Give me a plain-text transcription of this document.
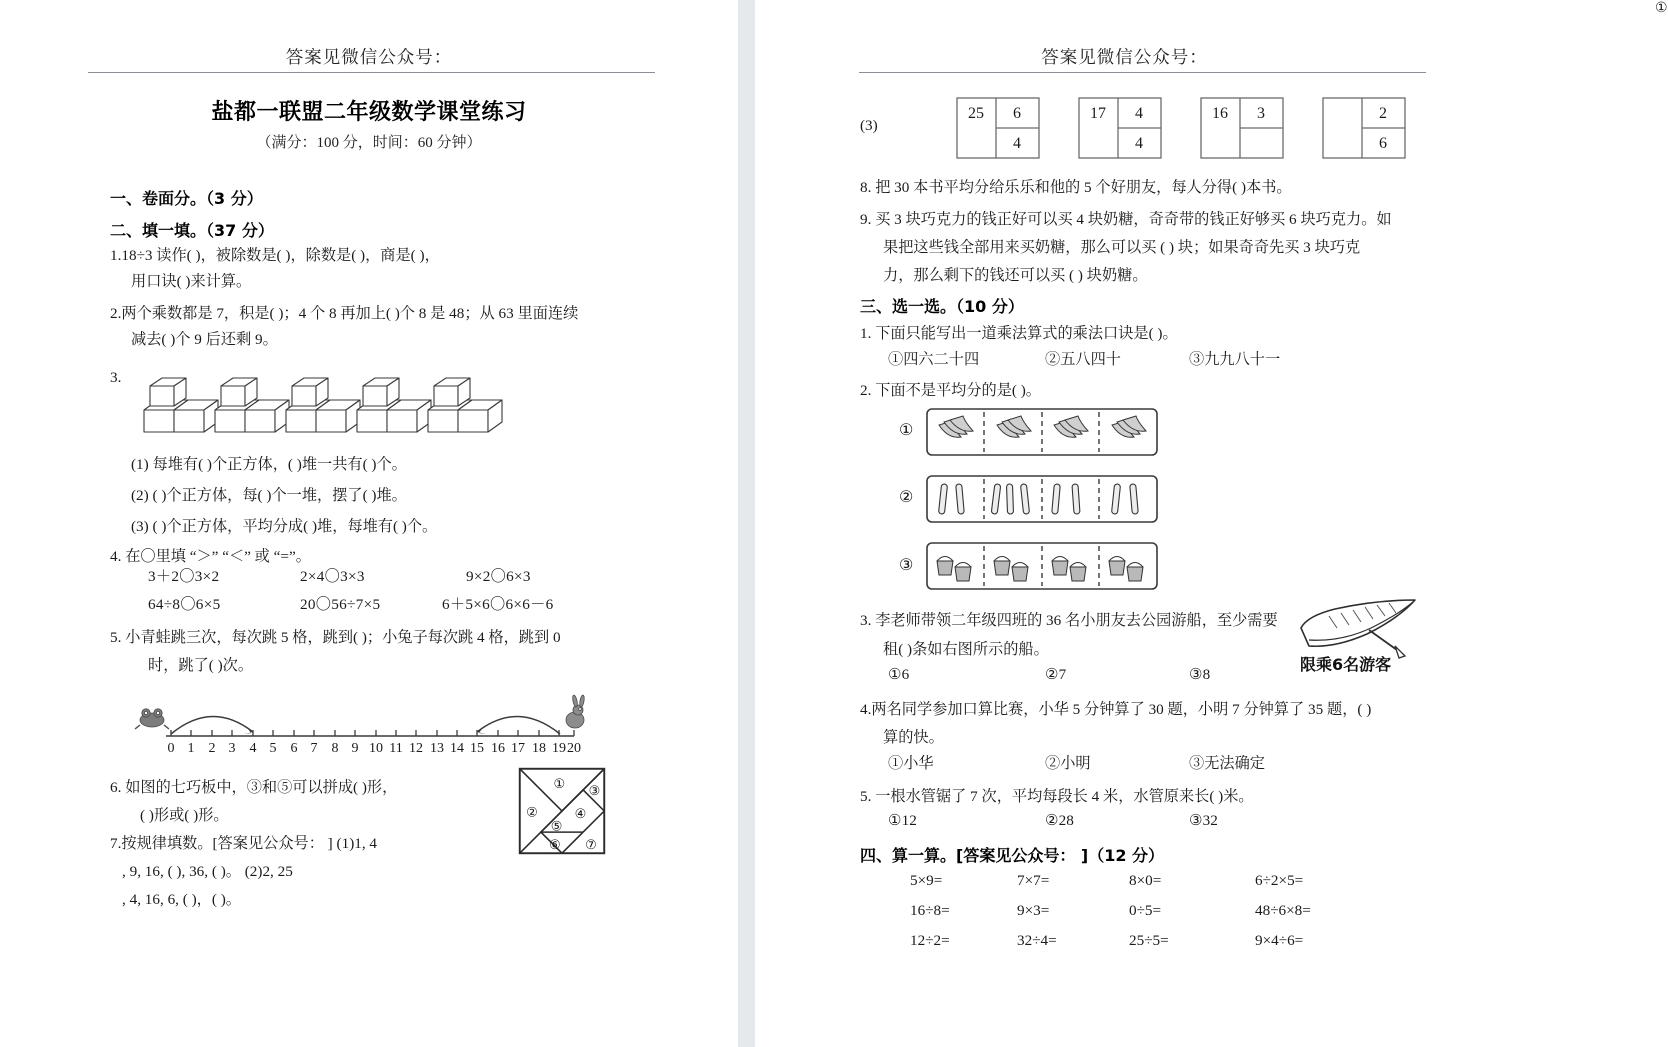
答案见微信公众号：
盐都一联盟二年级数学课堂练习
（满分：100 分，时间：60 分钟）
一、卷面分。（3 分）
二、填一填。（37 分）
1.18÷3 读作( )，被除数是( )，除数是( )，商是( )，
用口诀( )来计算。
2.两个乘数都是 7，积是( )；4 个 8 再加上( )个 8 是 48；从 63 里面连续
减去( )个 9 后还剩 9。
3.
(1) 每堆有( )个正方体，( )堆一共有( )个。
(2) ( )个正方体，每( )个一堆，摆了( )堆。
(3) ( )个正方体，平均分成( )堆，每堆有( )个。
4. 在〇里填 “＞” “＜” 或 “=”。
3＋2〇3×2	2×4〇3×3	9×2〇6×3
64÷8〇6×5	20〇56÷7×5	6＋5×6〇6×6－6
5. 小青蛙跳三次，每次跳 5 格，跳到( )；小兔子每次跳 4 格，跳到 0
时，跳了( )次。
0 1 2 3 4 5 6 7 8 9 10 11 12 13 14 15 16 17 18 19 20
6. 如图的七巧板中，③和⑤可以拼成( )形，
( )形或( )形。
① ③
② ④
⑤
⑥ ⑦
7.按规律填数。[答案见公众号： ] (1)1, 4
, 9, 16, ( ), 36, ( )。 (2)2, 25
, 4, 16, 6, ( )，( )。
答案见微信公众号：
(3)
25 6
4
17 4
4
16 3	2
6
8. 把 30 本书平均分给乐乐和他的 5 个好朋友，每人分得( )本书。
9. 买 3 块巧克力的钱正好可以买 4 块奶糖，奇奇带的钱正好够买 6 块巧克力。如
果把这些钱全部用来买奶糖，那么可以买 ( ) 块；如果奇奇先买 3 块巧克
力，那么剩下的钱还可以买 ( ) 块奶糖。
三、选一选。（10 分）
1. 下面只能写出一道乘法算式的乘法口诀是( )。
①四六二十四	②五八四十	③九九八十一
2. 下面不是平均分的是( )。
①
①
②
③
3. 李老师带领二年级四班的 36 名小朋友去公园游船，至少需要
租( )条如右图所示的船。
①6	②7	③8
限乘6名游客
4.两名同学参加口算比赛，小华 5 分钟算了 30 题，小明 7 分钟算了 35 题，( )
算的快。
①小华	②小明	③无法确定
5. 一根水管锯了 7 次，平均每段长 4 米，水管原来长( )米。
①12	②28	③32
四、算一算。[答案见公众号： ]（12 分）
5×9=	7×7=	8×0=	6÷2×5=
16÷8=	9×3=	0÷5=	48÷6×8=
12÷2=	32÷4=	25÷5=	9×4÷6=
